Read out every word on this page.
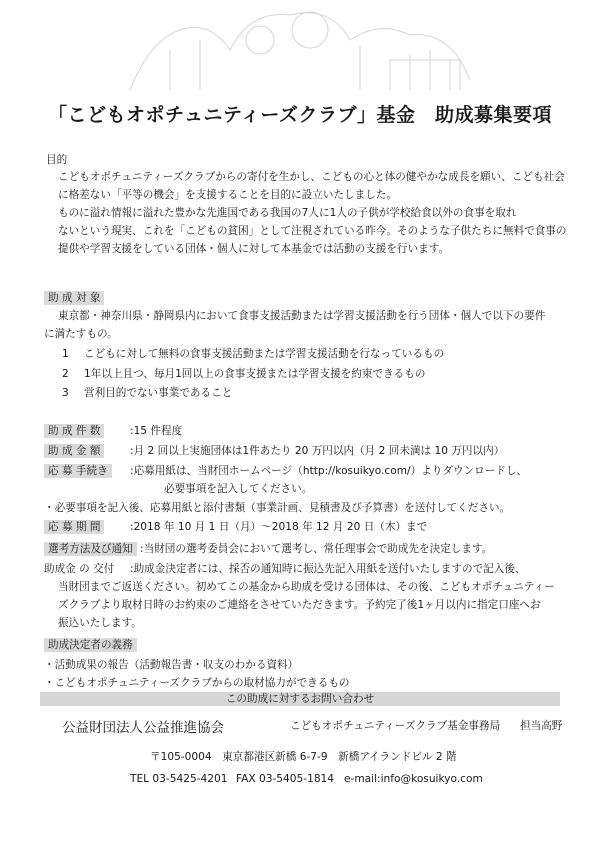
「こどもオポチュニティーズクラブ」基金　助成募集要項
目的
こどもオポチュニティーズクラブからの寄付を生かし、こどもの心と体の健やかな成長を願い、こども社会
に格差ない「平等の機会」を支援することを目的に設立いたしました。
ものに溢れ情報に溢れた豊かな先進国である我国の7人に1人の子供が学校給食以外の食事を取れ
ないという現実、これを「こどもの貧困」として注視されている昨今。そのような子供たちに無料で食事の
提供や学習支援をしている団体・個人に対して本基金では活動の支援を行います。
助 成 対 象
東京都・神奈川県・静岡県内において食事支援活動または学習支援活動を行う団体・個人で以下の要件
に満たすもの。
1 こどもに対して無料の食事支援活動または学習支援活動を行なっているもの
2 1年以上且つ、毎月1回以上の食事支援または学習支援を約束できるもの
3 営利目的でない事業であること
助 成 件 数	:15 件程度
助 成 金 額	:月 2 回以上実施団体は1件あたり 20 万円以内（月 2 回未満は 10 万円以内）
応 募 手続き	:応募用紙は、当財団ホームページ（http://kosuikyo.com/）よりダウンロードし、
必要事項を記入してください。
・必要事項を記入後、応募用紙と添付書類（事業計画、見積書及び予算書）を送付してください。
応 募 期 間	:2018 年 10 月 1 日（月）～2018 年 12 月 20 日（木）まで
選考方法及び通知 :当財団の選考委員会において選考し、常任理事会で助成先を決定します。
助成金 の 交付 :助成金決定者には、採否の通知時に振込先記入用紙を送付いたしますので記入後、
当財団までご返送ください。初めてこの基金から助成を受ける団体は、その後、こどもオポチュニティー
ズクラブより取材日時のお約束のご連絡をさせていただきます。予約完了後1ヶ月以内に指定口座へお
振込いたします。
助成決定者の義務
・活動成果の報告（活動報告書・収支のわかる資料）
・こどもオポチュニティーズクラブからの取材協力ができるもの
この助成に対するお問い合わせ
公益財団法人公益推進協会	こどもオポチュニティーズクラブ基金事務局 担当高野
〒105-0004　東京都港区新橋 6-7-9　新橋アイランドビル 2 階
TEL 03-5425-4201 FAX 03-5405-1814 e-mail:info@kosuikyo.com
